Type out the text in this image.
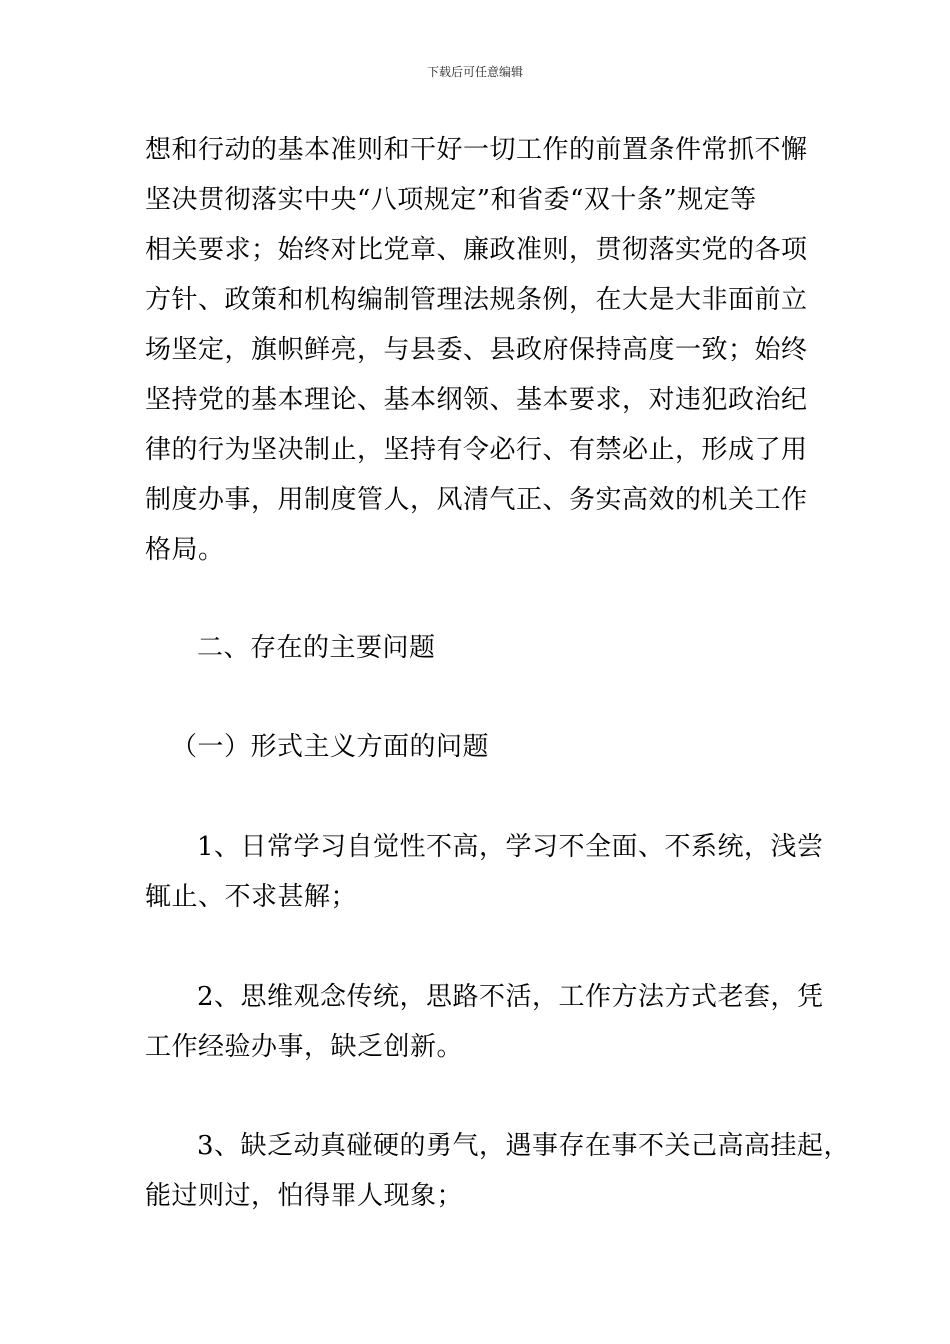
下载后可任意编辑
想和行动的基本准则和干好一切工作的前置条件常抓不懈
坚决贯彻落实中央“八项规定”和省委“双十条”规定等
相关要求；始终对比党章、廉政准则，贯彻落实党的各项
方针、政策和机构编制管理法规条例，在大是大非面前立
场坚定，旗帜鲜亮，与县委、县政府保持高度一致；始终
坚持党的基本理论、基本纲领、基本要求，对违犯政治纪
律的行为坚决制止，坚持有令必行、有禁必止，形成了用
制度办事，用制度管人，风清气正、务实高效的机关工作
格局。
二、存在的主要问题
（一）形式主义方面的问题
1、日常学习自觉性不高，学习不全面、不系统，浅尝
辄止、不求甚解；
2、思维观念传统，思路不活，工作方法方式老套，凭
工作经验办事，缺乏创新。
3、缺乏动真碰硬的勇气，遇事存在事不关己高高挂起，
能过则过，怕得罪人现象；
